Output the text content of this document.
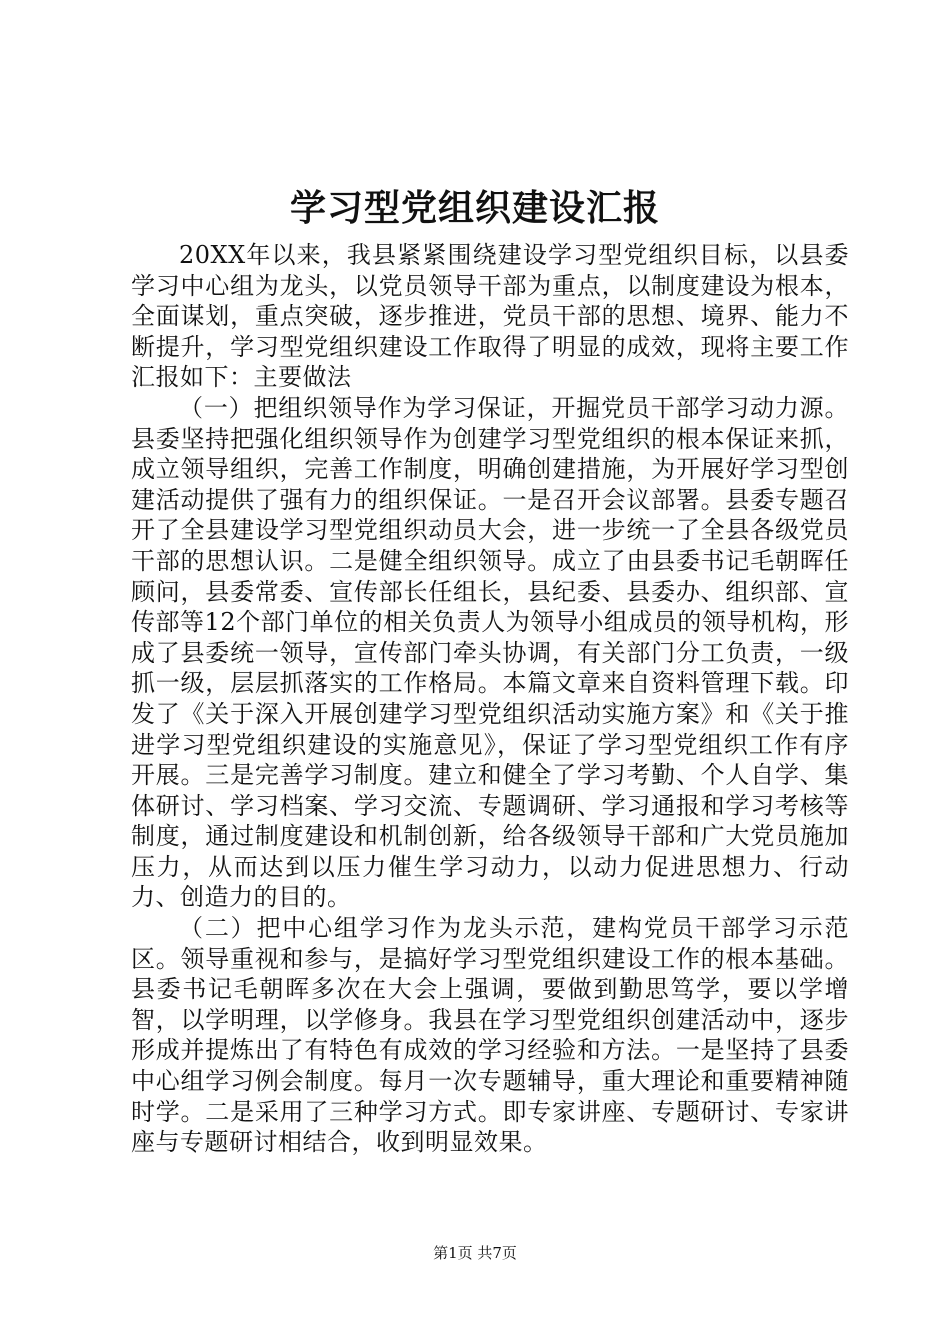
学习型党组织建设汇报

20XX年以来，我县紧紧围绕建设学习型党组织目标，以县委学习中心组为龙头，以党员领导干部为重点，以制度建设为根本，全面谋划，重点突破，逐步推进，党员干部的思想、境界、能力不断提升，学习型党组织建设工作取得了明显的成效，现将主要工作汇报如下：主要做法

（一）把组织领导作为学习保证，开掘党员干部学习动力源。县委坚持把强化组织领导作为创建学习型党组织的根本保证来抓，成立领导组织，完善工作制度，明确创建措施，为开展好学习型创建活动提供了强有力的组织保证。一是召开会议部署。县委专题召开了全县建设学习型党组织动员大会，进一步统一了全县各级党员干部的思想认识。二是健全组织领导。成立了由县委书记毛朝晖任顾问，县委常委、宣传部长任组长，县纪委、县委办、组织部、宣传部等12个部门单位的相关负责人为领导小组成员的领导机构，形成了县委统一领导，宣传部门牵头协调，有关部门分工负责，一级抓一级，层层抓落实的工作格局。本篇文章来自资料管理下载。印发了《关于深入开展创建学习型党组织活动实施方案》和《关于推进学习型党组织建设的实施意见》，保证了学习型党组织工作有序开展。三是完善学习制度。建立和健全了学习考勤、个人自学、集体研讨、学习档案、学习交流、专题调研、学习通报和学习考核等制度，通过制度建设和机制创新，给各级领导干部和广大党员施加压力，从而达到以压力催生学习动力，以动力促进思想力、行动力、创造力的目的。

（二）把中心组学习作为龙头示范，建构党员干部学习示范区。领导重视和参与，是搞好学习型党组织建设工作的根本基础。县委书记毛朝晖多次在大会上强调，要做到勤思笃学，要以学增智，以学明理，以学修身。我县在学习型党组织创建活动中，逐步形成并提炼出了有特色有成效的学习经验和方法。一是坚持了县委中心组学习例会制度。每月一次专题辅导，重大理论和重要精神随时学。二是采用了三种学习方式。即专家讲座、专题研讨、专家讲座与专题研讨相结合，收到明显效果。

第1页 共7页
